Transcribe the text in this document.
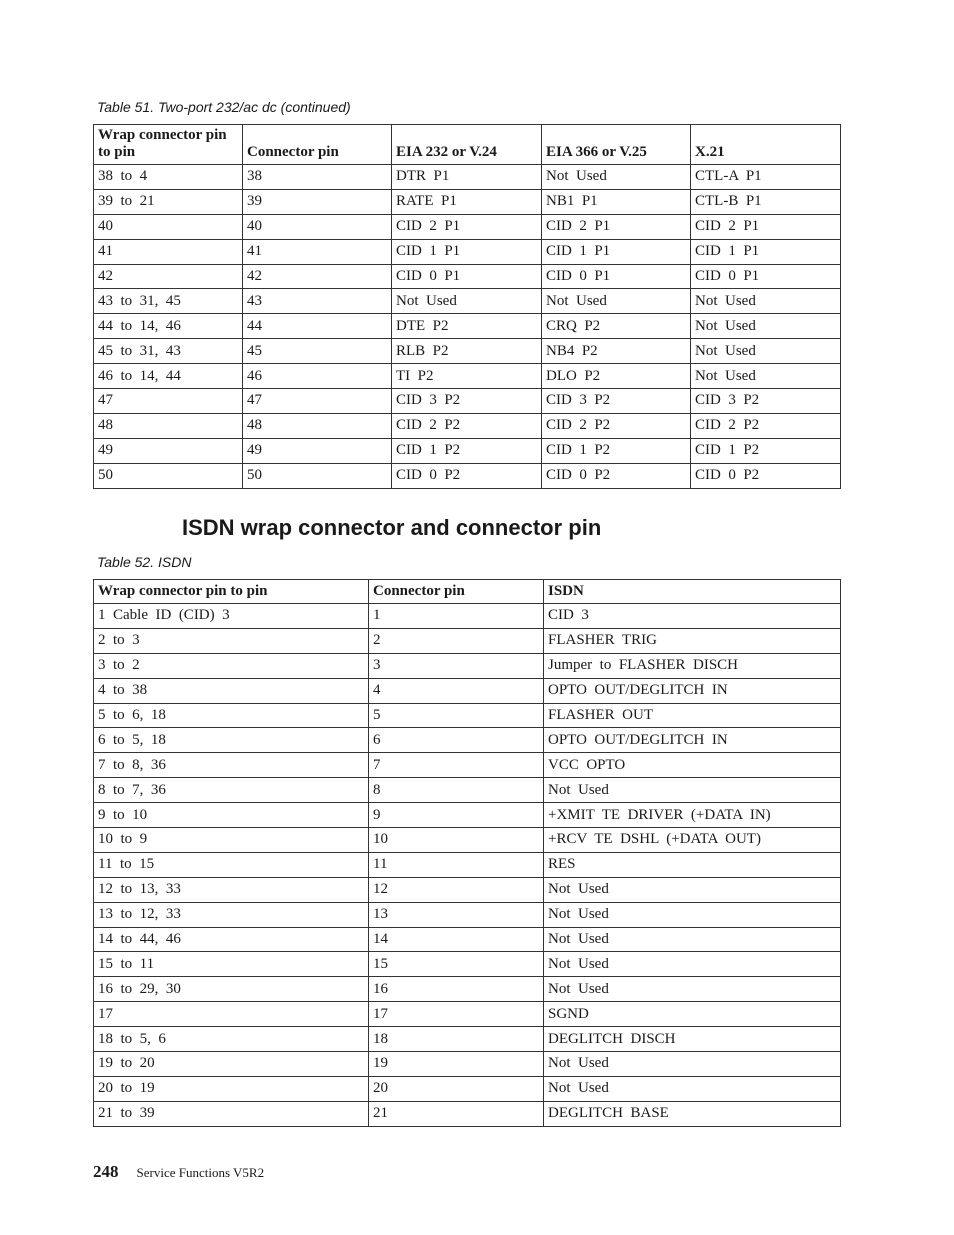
Table 51. Two-port 232/ac dc (continued)
Wrap connector pin to pin	Connector pin	EIA 232 or V.24	EIA 366 or V.25	X.21
38  to  4	38	DTR  P1	Not  Used	CTL-A  P1
39  to  21	39	RATE  P1	NB1  P1	CTL-B  P1
40	40	CID  2  P1	CID  2  P1	CID  2  P1
41	41	CID  1  P1	CID  1  P1	CID  1  P1
42	42	CID  0  P1	CID  0  P1	CID  0  P1
43  to  31,  45	43	Not  Used	Not  Used	Not  Used
44  to  14,  46	44	DTE  P2	CRQ  P2	Not  Used
45  to  31,  43	45	RLB  P2	NB4  P2	Not  Used
46  to  14,  44	46	TI  P2	DLO  P2	Not  Used
47	47	CID  3  P2	CID  3  P2	CID  3  P2
48	48	CID  2  P2	CID  2  P2	CID  2  P2
49	49	CID  1  P2	CID  1  P2	CID  1  P2
50	50	CID  0  P2	CID  0  P2	CID  0  P2
ISDN wrap connector and connector pin
Table 52. ISDN
Wrap connector pin to pin	Connector pin	ISDN
1  Cable  ID  (CID)  3	1	CID  3
2  to  3	2	FLASHER  TRIG
3  to  2	3	Jumper  to  FLASHER  DISCH
4  to  38	4	OPTO  OUT/DEGLITCH  IN
5  to  6,  18	5	FLASHER  OUT
6  to  5,  18	6	OPTO  OUT/DEGLITCH  IN
7  to  8,  36	7	VCC  OPTO
8  to  7,  36	8	Not  Used
9  to  10	9	+XMIT  TE  DRIVER  (+DATA  IN)
10  to  9	10	+RCV  TE  DSHL  (+DATA  OUT)
11  to  15	11	RES
12  to  13,  33	12	Not  Used
13  to  12,  33	13	Not  Used
14  to  44,  46	14	Not  Used
15  to  11	15	Not  Used
16  to  29,  30	16	Not  Used
17	17	SGND
18  to  5,  6	18	DEGLITCH  DISCH
19  to  20	19	Not  Used
20  to  19	20	Not  Used
21  to  39	21	DEGLITCH  BASE
248 Service Functions V5R2
